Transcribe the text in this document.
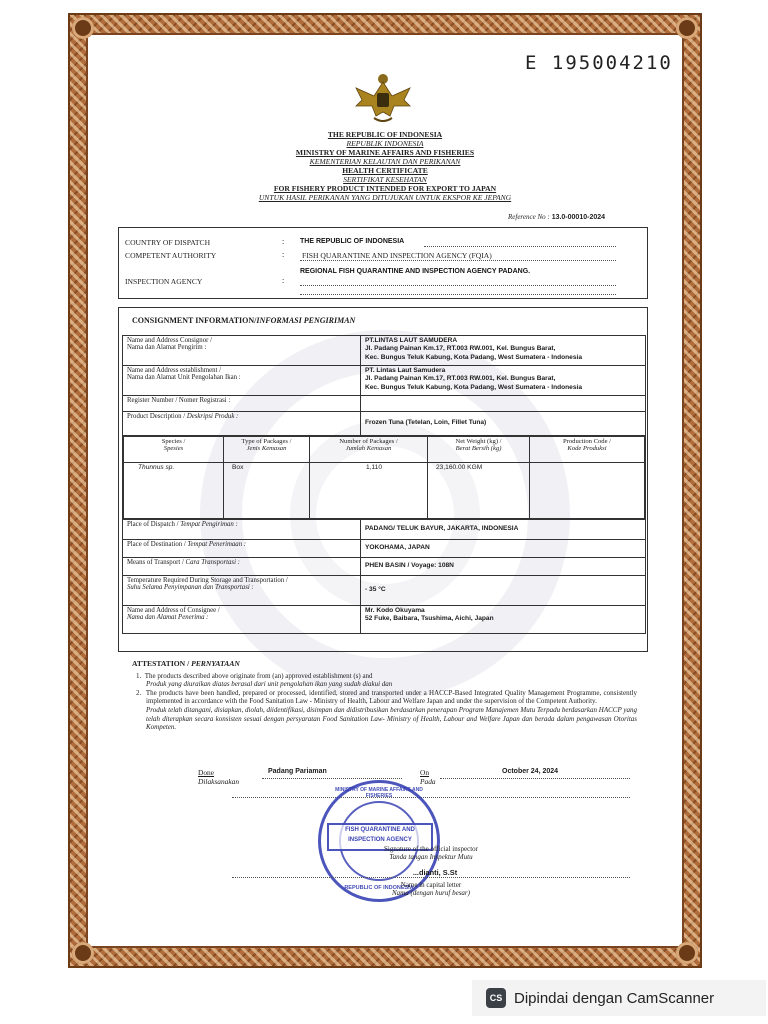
E 195004210
THE REPUBLIC OF INDONESIA
REPUBLIK INDONESIA
MINISTRY OF MARINE AFFAIRS AND FISHERIES
KEMENTERIAN KELAUTAN DAN PERIKANAN
HEALTH CERTIFICATE
SERTIFIKAT KESEHATAN
FOR FISHERY PRODUCT INTENDED FOR EXPORT TO JAPAN
UNTUK HASIL PERIKANAN YANG DITUJUKAN UNTUK EKSPOR KE JEPANG
Reference No : 13.0-00010-2024
COUNTRY OF DISPATCH	: THE REPUBLIC OF INDONESIA
COMPETENT AUTHORITY	: FISH QUARANTINE AND INSPECTION AGENCY (FQIA)
INSPECTION AGENCY	:
REGIONAL FISH QUARANTINE AND INSPECTION AGENCY PADANG.
CONSIGNMENT INFORMATION/INFORMASI PENGIRIMAN
Name and Address Consignor /
Nama dan Alamat Pengirim :	PT.LINTAS LAUT SAMUDERA
Jl. Padang Painan Km.17, RT.003 RW.001, Kel. Bungus Barat,
Kec. Bungus Teluk Kabung, Kota Padang, West Sumatera - Indonesia
Name and Address establishment /
Nama dan Alamat Unit Pengolahan Ikan :	PT. Lintas Laut Samudera
Jl. Padang Painan Km.17, RT.003 RW.001, Kel. Bungus Barat,
Kec. Bungus Teluk Kabung, Kota Padang, West Sumatera - Indonesia
Register Number / Nomer Registrasi :	
Product Description / Deskripsi Produk :	Frozen Tuna (Tetelan, Loin, Fillet Tuna)

Species /
Spesies
	Type of Packages /
Jenis Kemasan
	Number of Packages /
Jumlah Kemasan
	Net Weight (kg) /
Berat Bersih (kg)
	Production Code /
Kode Produksi

Thunnus sp.	Box	1,110	23,160.00 KGM	

Place of Dispatch / Tempat Pengiriman :	PADANG/ TELUK BAYUR, JAKARTA, INDONESIA
Place of Destination / Tempat Penerimaan :	YOKOHAMA, JAPAN
Means of Transport / Cara Transportasi :	PHEN BASIN / Voyage: 108N
Temperature Required During Storage and Transportation /
Suhu Selama Penyimpanan dan Transportasi :	- 35 °C
Name and Address of Consignee /
Nama dan Alamat Penerima :
	Mr. Kodo Okuyama
52 Fuke, Baibara, Tsushima, Aichi, Japan
ATTESTATION / PERNYATAAN

1. The products described above originate from (an) approved establishment (s) and

Produk yang diuraikan diatas berasal dari unit pengolahan ikan yang sudah diakui dan

2. The products have been handled, prepared or processed, identified, stored and transported under a HACCP-Based Integrated Quality Management Programme, consistently implemented in accordance with the Food Sanitation Law - Ministry of Health, Labour and Welfare Japan and under the supervision of the Competent Authority.

Produk telah ditangani, disiapkan, diolah, diidentifikasi, disimpan dan didistribusikan berdasarkan penerapan Program Manajemen Mutu Terpadu berdasarkan HACCP yang telah diterapkan secara konsisten sesuai dengan persyaratan Food Sanitation Law- Ministry of Health, Labour and Welfare Japan dan berada dalam pengawasan Otoritas Kompeten.

Done
Dilaksanakan
Padang Pariaman	On
Pada
October 24, 2024
MINISTRY OF MARINE AFFAIRS AND FISHERIES
FISH QUARANTINE AND
INSPECTION AGENCY
REPUBLIC OF INDONESIA
Signature of the official inspector
Tanda tangan Inspektur Mutu
...dianti, S.St
Name in capital letter
Nama (dengan huruf besar)
CS Dipindai dengan CamScanner
